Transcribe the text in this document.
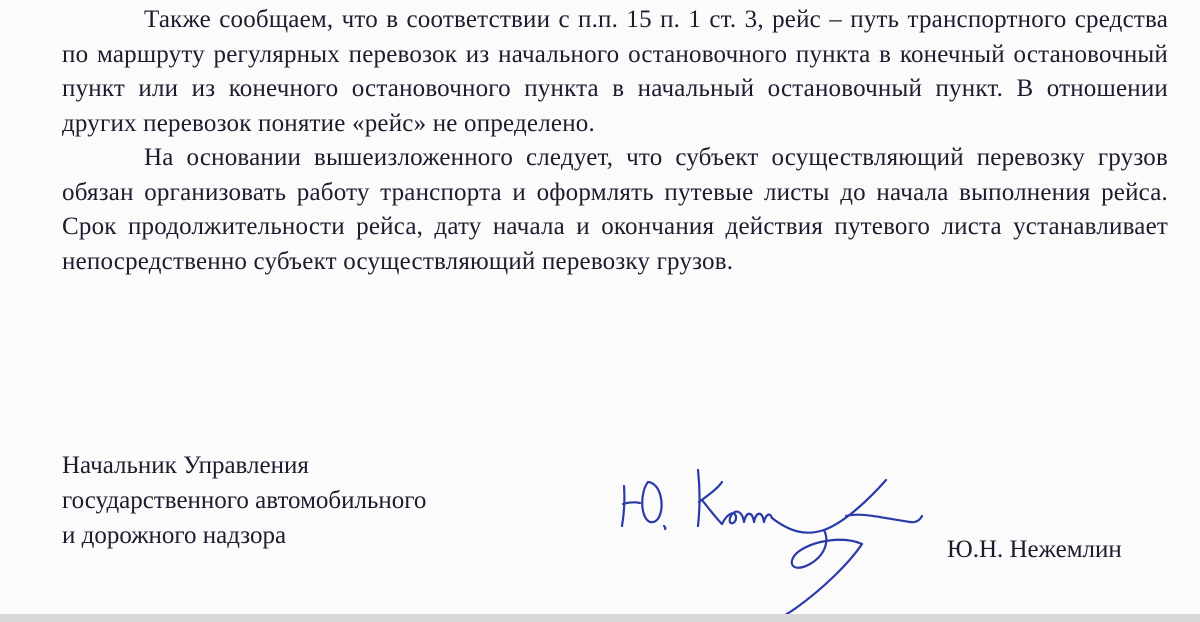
Также сообщаем, что в соответствии с п.п. 15 п. 1 ст. 3, рейс – путь транспортного средства по маршруту регулярных перевозок из начального остановочного пункта в конечный остановочный пункт или из конечного остановочного пункта в начальный остановочный пункт. В отношении других перевозок понятие «рейс» не определено.

На основании вышеизложенного следует, что субъект осуществляющий перевозку грузов обязан организовать работу транспорта и оформлять путевые листы до начала выполнения рейса. Срок продолжительности рейса, дату начала и окончания действия путевого листа устанавливает непосредственно субъект осуществляющий перевозку грузов.

Начальник Управления
государственного автомобильного
и дорожного надзора
Ю.Н. Нежемлин
